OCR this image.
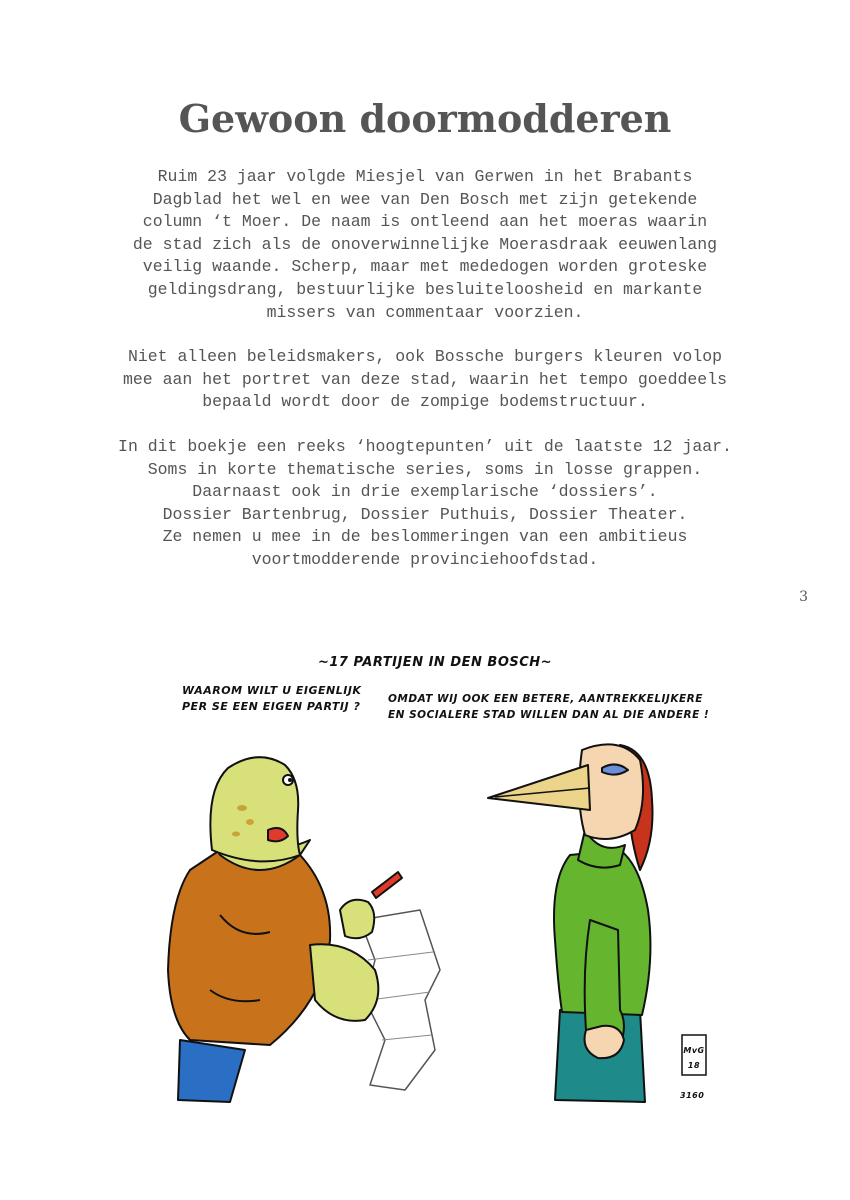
Gewoon doormodderen

Ruim 23 jaar volgde Miesjel van Gerwen in het Brabants

Dagblad het wel en wee van Den Bosch met zijn getekende

column ‘t Moer. De naam is ontleend aan het moeras waarin

de stad zich als de onoverwinnelijke Moerasdraak eeuwenlang

veilig waande. Scherp, maar met mededogen worden groteske

geldingsdrang, bestuurlijke besluiteloosheid en markante

missers van commentaar voorzien.

Niet alleen beleidsmakers, ook Bossche burgers kleuren volop

mee aan het portret van deze stad, waarin het tempo goeddeels

bepaald wordt door de zompige bodemstructuur.

In dit boekje een reeks ‘hoogtepunten’ uit de laatste 12 jaar.

Soms in korte thematische series, soms in losse grappen.

Daarnaast ook in drie exemplarische ‘dossiers’.

Dossier Bartenbrug, Dossier Puthuis, Dossier Theater.

Ze nemen u mee in de beslommeringen van een ambitieus

voortmodderende provinciehoofdstad.

3
~17 PARTIJEN IN DEN BOSCH~
WAAROM WILT U EIGENLIJK
PER SE EEN EIGEN PARTIJ ?
OMDAT WIJ OOK EEN BETERE, AANTREKKELIJKERE
EN SOCIALERE STAD WILLEN DAN AL DIE ANDERE !
MvG
18
3160
